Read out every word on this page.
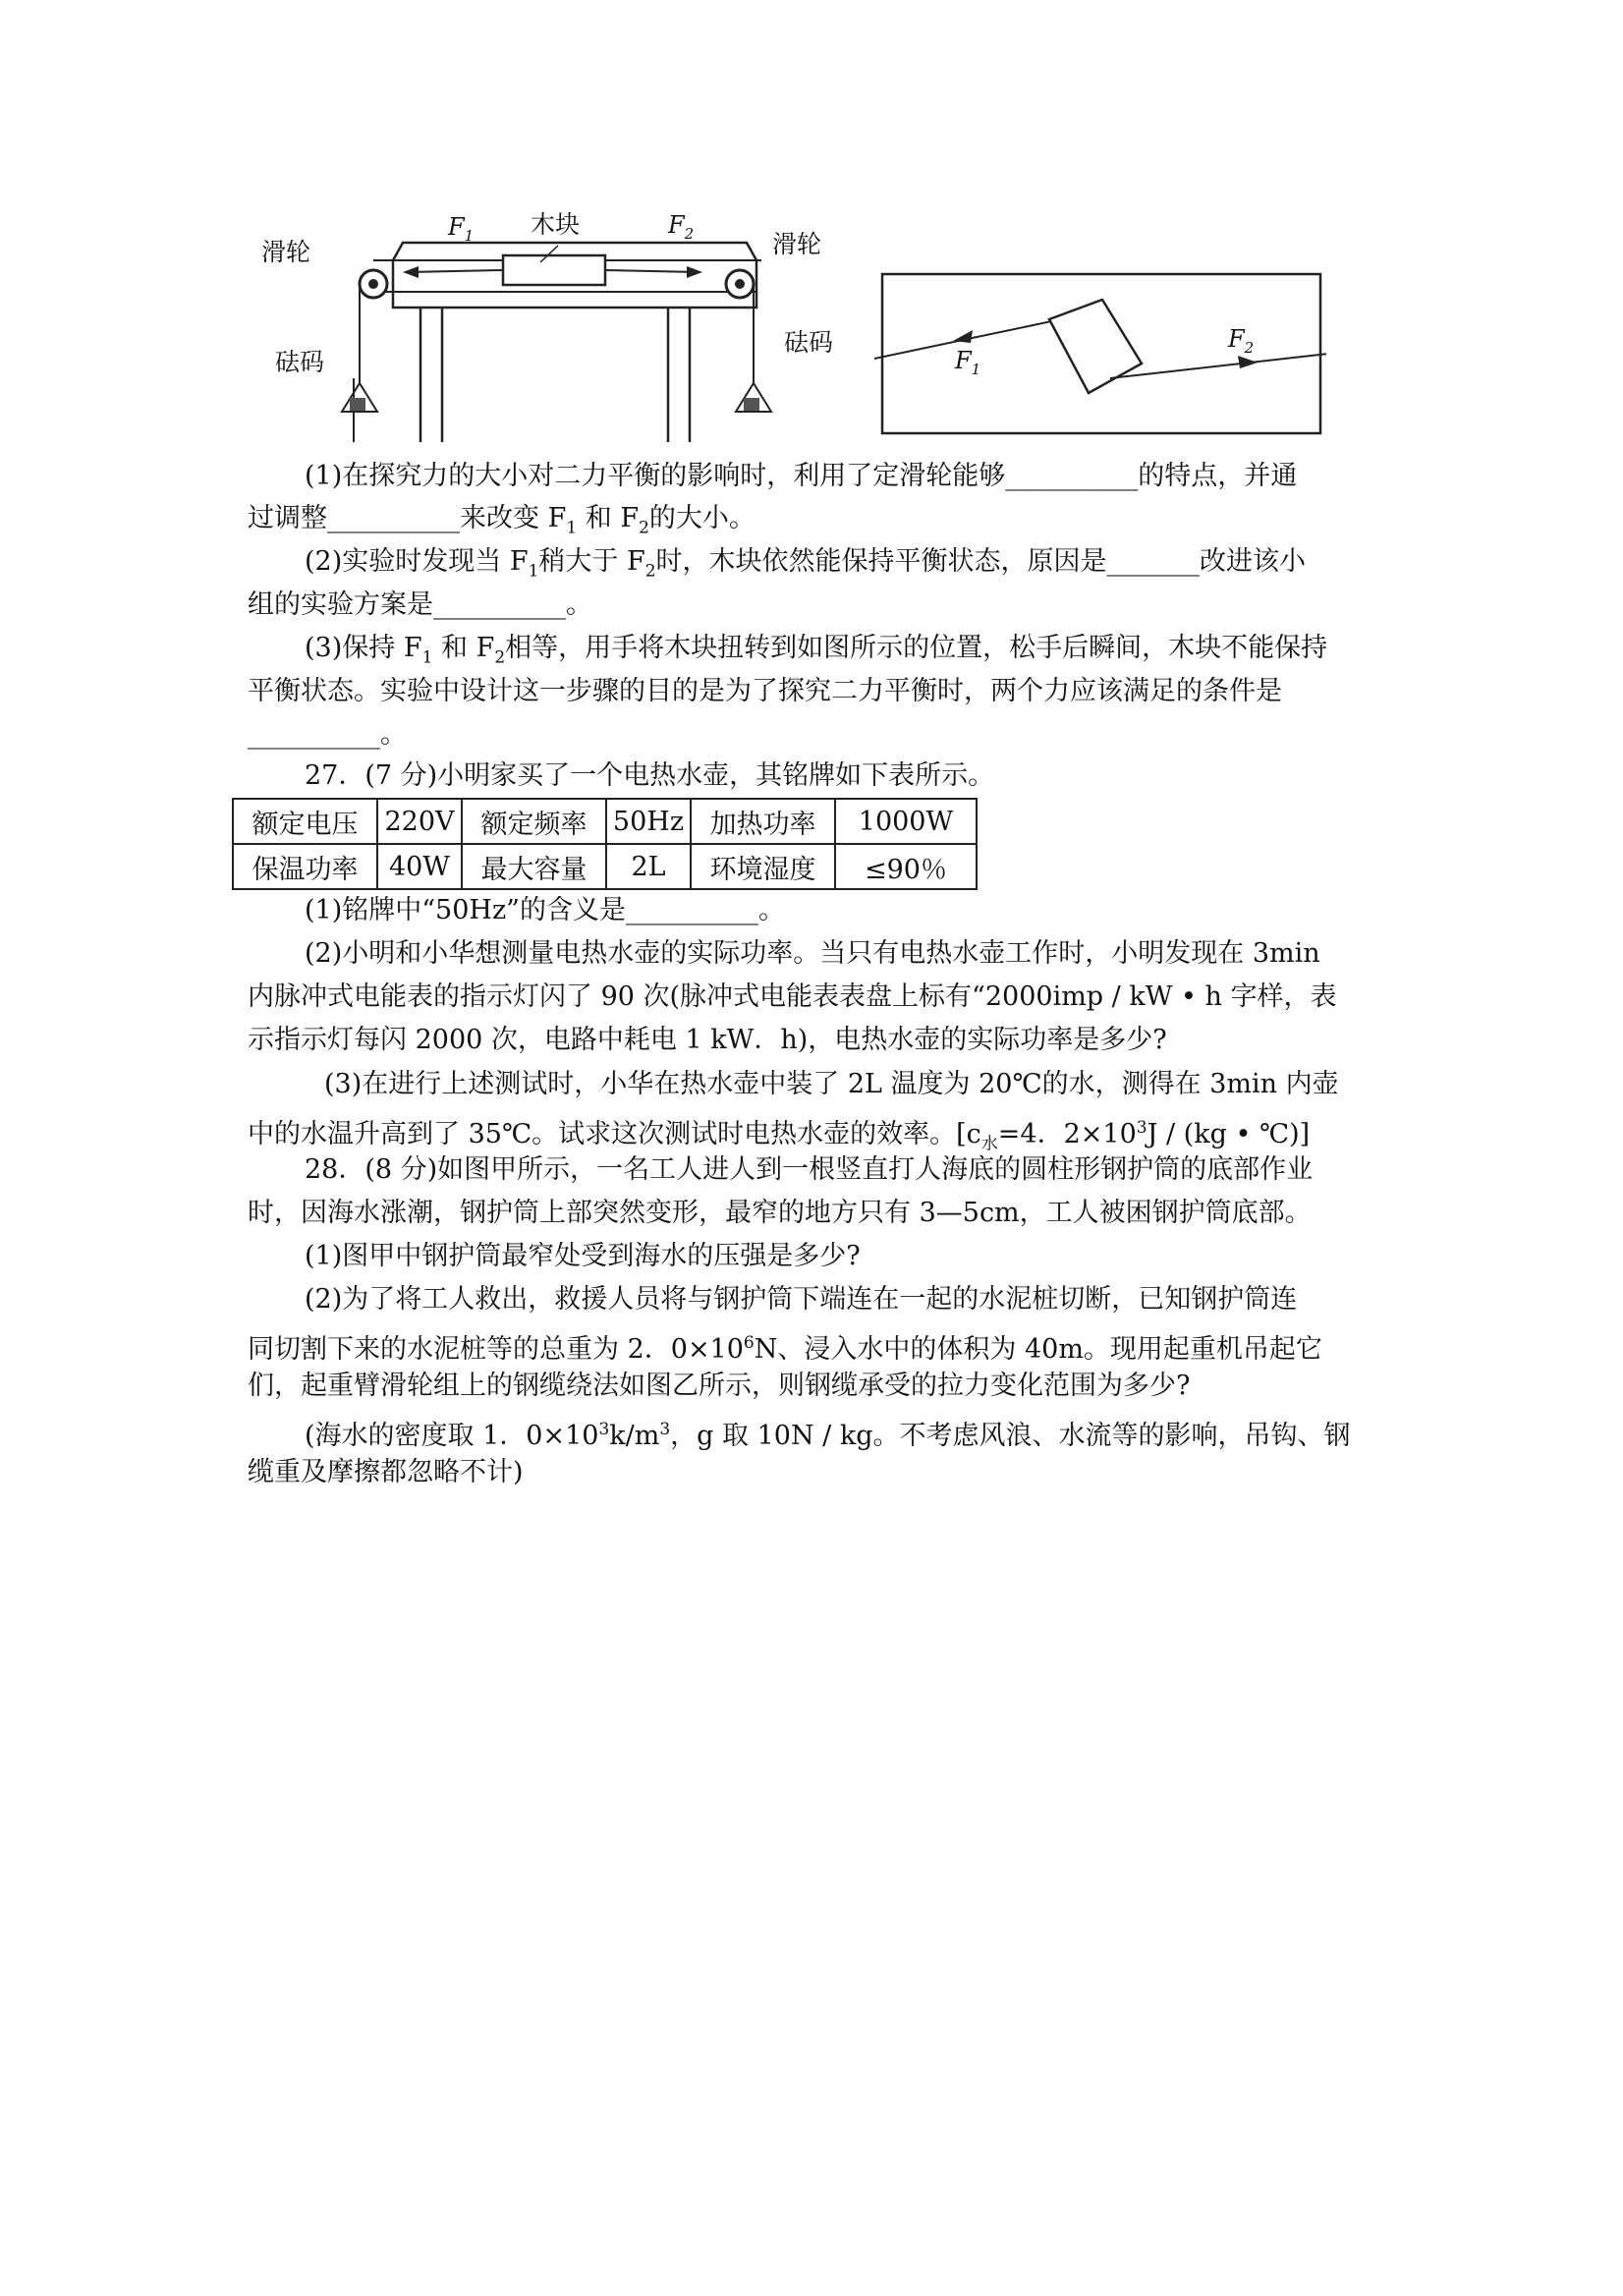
滑轮	滑轮
木块
$F_1$	$F_2$
砝码
砝码
$F_1$
$F_2$
(1)在探究力的大小对二力平衡的影响时，利用了定滑轮能够__________的特点，并通
过调整__________来改变 $F_1$ 和 $F_2$的大小。
(2)实验时发现当 $F_1$稍大于 $F_2$时，木块依然能保持平衡状态，原因是_______改进该小
组的实验方案是__________。
(3)保持 $F_1$ 和 $F_2$相等，用手将木块扭转到如图所示的位置，松手后瞬间，木块不能保持
平衡状态。实验中设计这一步骤的目的是为了探究二力平衡时，两个力应该满足的条件是
__________。
27．(7 分)小明家买了一个电热水壶，其铭牌如下表所示。
额定电压	220V	额定频率	50Hz	加热功率	1000W
保温功率	40W	最大容量	2L	环境湿度	≤90％
(1)铭牌中“50Hz”的含义是__________。
(2)小明和小华想测量电热水壶的实际功率。当只有电热水壶工作时，小明发现在 3min
内脉冲式电能表的指示灯闪了 90 次(脉冲式电能表表盘上标有“2000imp / kW • h 字样，表
示指示灯每闪 2000 次，电路中耗电 1 kW．h)，电热水壶的实际功率是多少?
(3)在进行上述测试时，小华在热水壶中装了 2L 温度为 20℃的水，测得在 3min 内壶
中的水温升高到了 35℃。试求这次测试时电热水壶的效率。[$c_水=4$．$2\times 10^3J / (kg$ • ℃)]
28．(8 分)如图甲所示，一名工人进人到一根竖直打人海底的圆柱形钢护筒的底部作业
时，因海水涨潮，钢护筒上部突然变形，最窄的地方只有 3—5cm，工人被困钢护筒底部。
(1)图甲中钢护筒最窄处受到海水的压强是多少?
(2)为了将工人救出，救援人员将与钢护筒下端连在一起的水泥桩切断，已知钢护筒连
同切割下来的水泥桩等的总重为 2．$0\times 10^6N$、浸入水中的体积为 40m。现用起重机吊起它
们，起重臂滑轮组上的钢缆绕法如图乙所示，则钢缆承受的拉力变化范围为多少?
(海水的密度取 1．$0\times 10^3k/m^3$，g 取 10N / kg。不考虑风浪、水流等的影响，吊钩、钢
缆重及摩擦都忽略不计)
